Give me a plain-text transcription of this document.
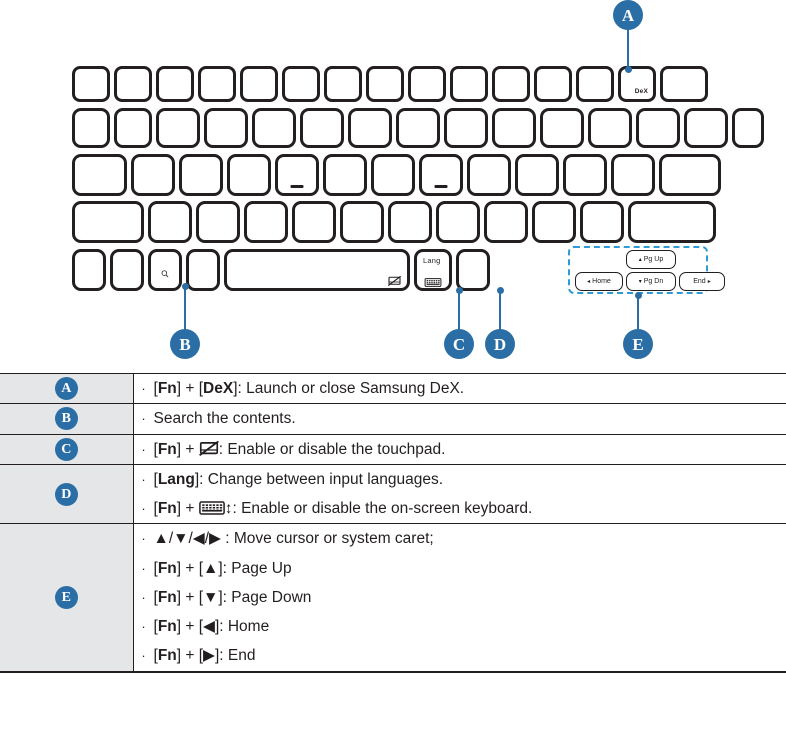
DeX
Lang
◂ Home
▴ Pg Up
▾ Pg Dn	End ▸
A
B	C	D	E
A	· [Fn] + [DeX]: Launch or close Samsung DeX.

B	· Search the contents.

C	· [Fn] + : Enable or disable the touchpad.

D	· [Lang]: Change between input languages.
· [Fn] + ↕: Enable or disable the on-screen keyboard.

E	
· ▲/▼/◀/▶ : Move cursor or system caret;
· [Fn] + [▲]: Page Up
· [Fn] + [▼]: Page Down
· [Fn] + [◀]: Home
· [Fn] + [▶]: End
